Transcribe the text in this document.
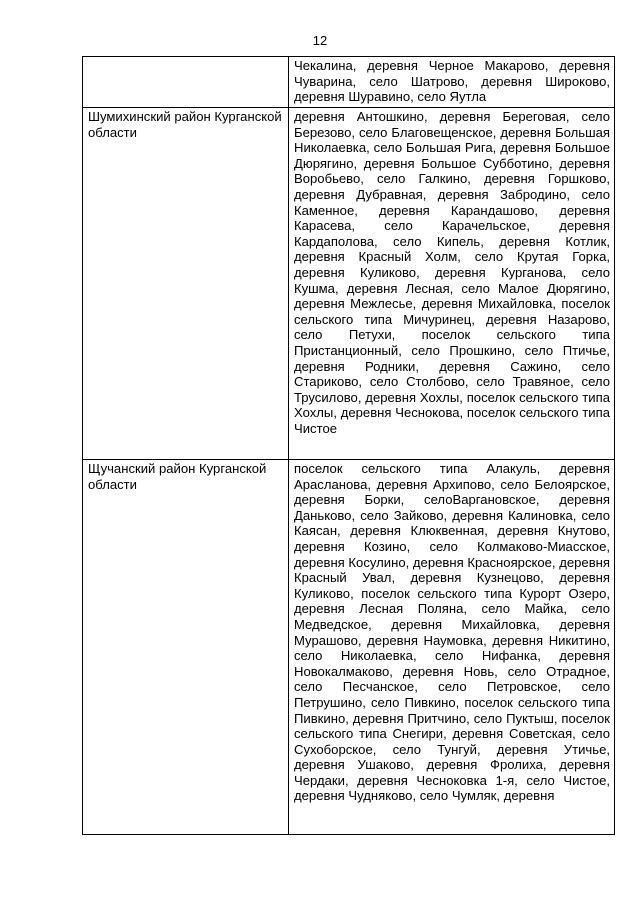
12
	Чекалина, деревня Черное Макарово, деревня Чуварина, село Шатрово, деревня Широково, деревня Шуравино, село Яутла

Шумихинский район Курганской области	деревня Антошкино, деревня Береговая, село Березово, село Благовещенское, деревня Большая Николаевка, село Большая Рига, деревня Большое Дюрягино, деревня Большое Субботино, деревня Воробьево, село Галкино, деревня Горшково, деревня Дубравная, деревня Забродино, село Каменное, деревня Карандашово, деревня Карасева, село Карачельское, деревня Кардаполова, село Кипель, деревня Котлик, деревня Красный Холм, село Крутая Горка, деревня Куликово, деревня Курганова, село Кушма, деревня Лесная, село Малое Дюрягино, деревня Межлесье, деревня Михайловка, поселок сельского типа Мичуринец, деревня Назарово, село Петухи, поселок сельского типа Пристанционный, село Прошкино, село Птичье, деревня Родники, деревня Сажино, село Стариково, село Столбово, село Травяное, село Трусилово, деревня Хохлы, поселок сельского типа Хохлы, деревня Чеснокова, поселок сельского типа Чистое

Щучанский район Курганской области	поселок сельского типа Алакуль, деревня Арасланова, деревня Архипово, село Белоярское, деревня Борки, селоВаргановское, деревня Даньково, село Зайково, деревня Калиновка, село Каясан, деревня Клюквенная, деревня Кнутово, деревня Козино, село Колмаково-Миасское, деревня Косулино, деревня Красноярское, деревня Красный Увал, деревня Кузнецово, деревня Куликово, поселок сельского типа Курорт Озеро, деревня Лесная Поляна, село Майка, село Медведское, деревня Михайловка, деревня Мурашово, деревня Наумовка, деревня Никитино, село Николаевка, село Нифанка, деревня Новокалмаково, деревня Новь, село Отрадное, село Песчанское, село Петровское, село Петрушино, село Пивкино, поселок сельского типа Пивкино, деревня Притчино, село Пуктыш, поселок сельского типа Снегири, деревня Советская, село Сухоборское, село Тунгуй, деревня Утичье, деревня Ушаково, деревня Фролиха, деревня Чердаки, деревня Чесноковка 1-я, село Чистое, деревня Чудняково, село Чумляк, деревня
